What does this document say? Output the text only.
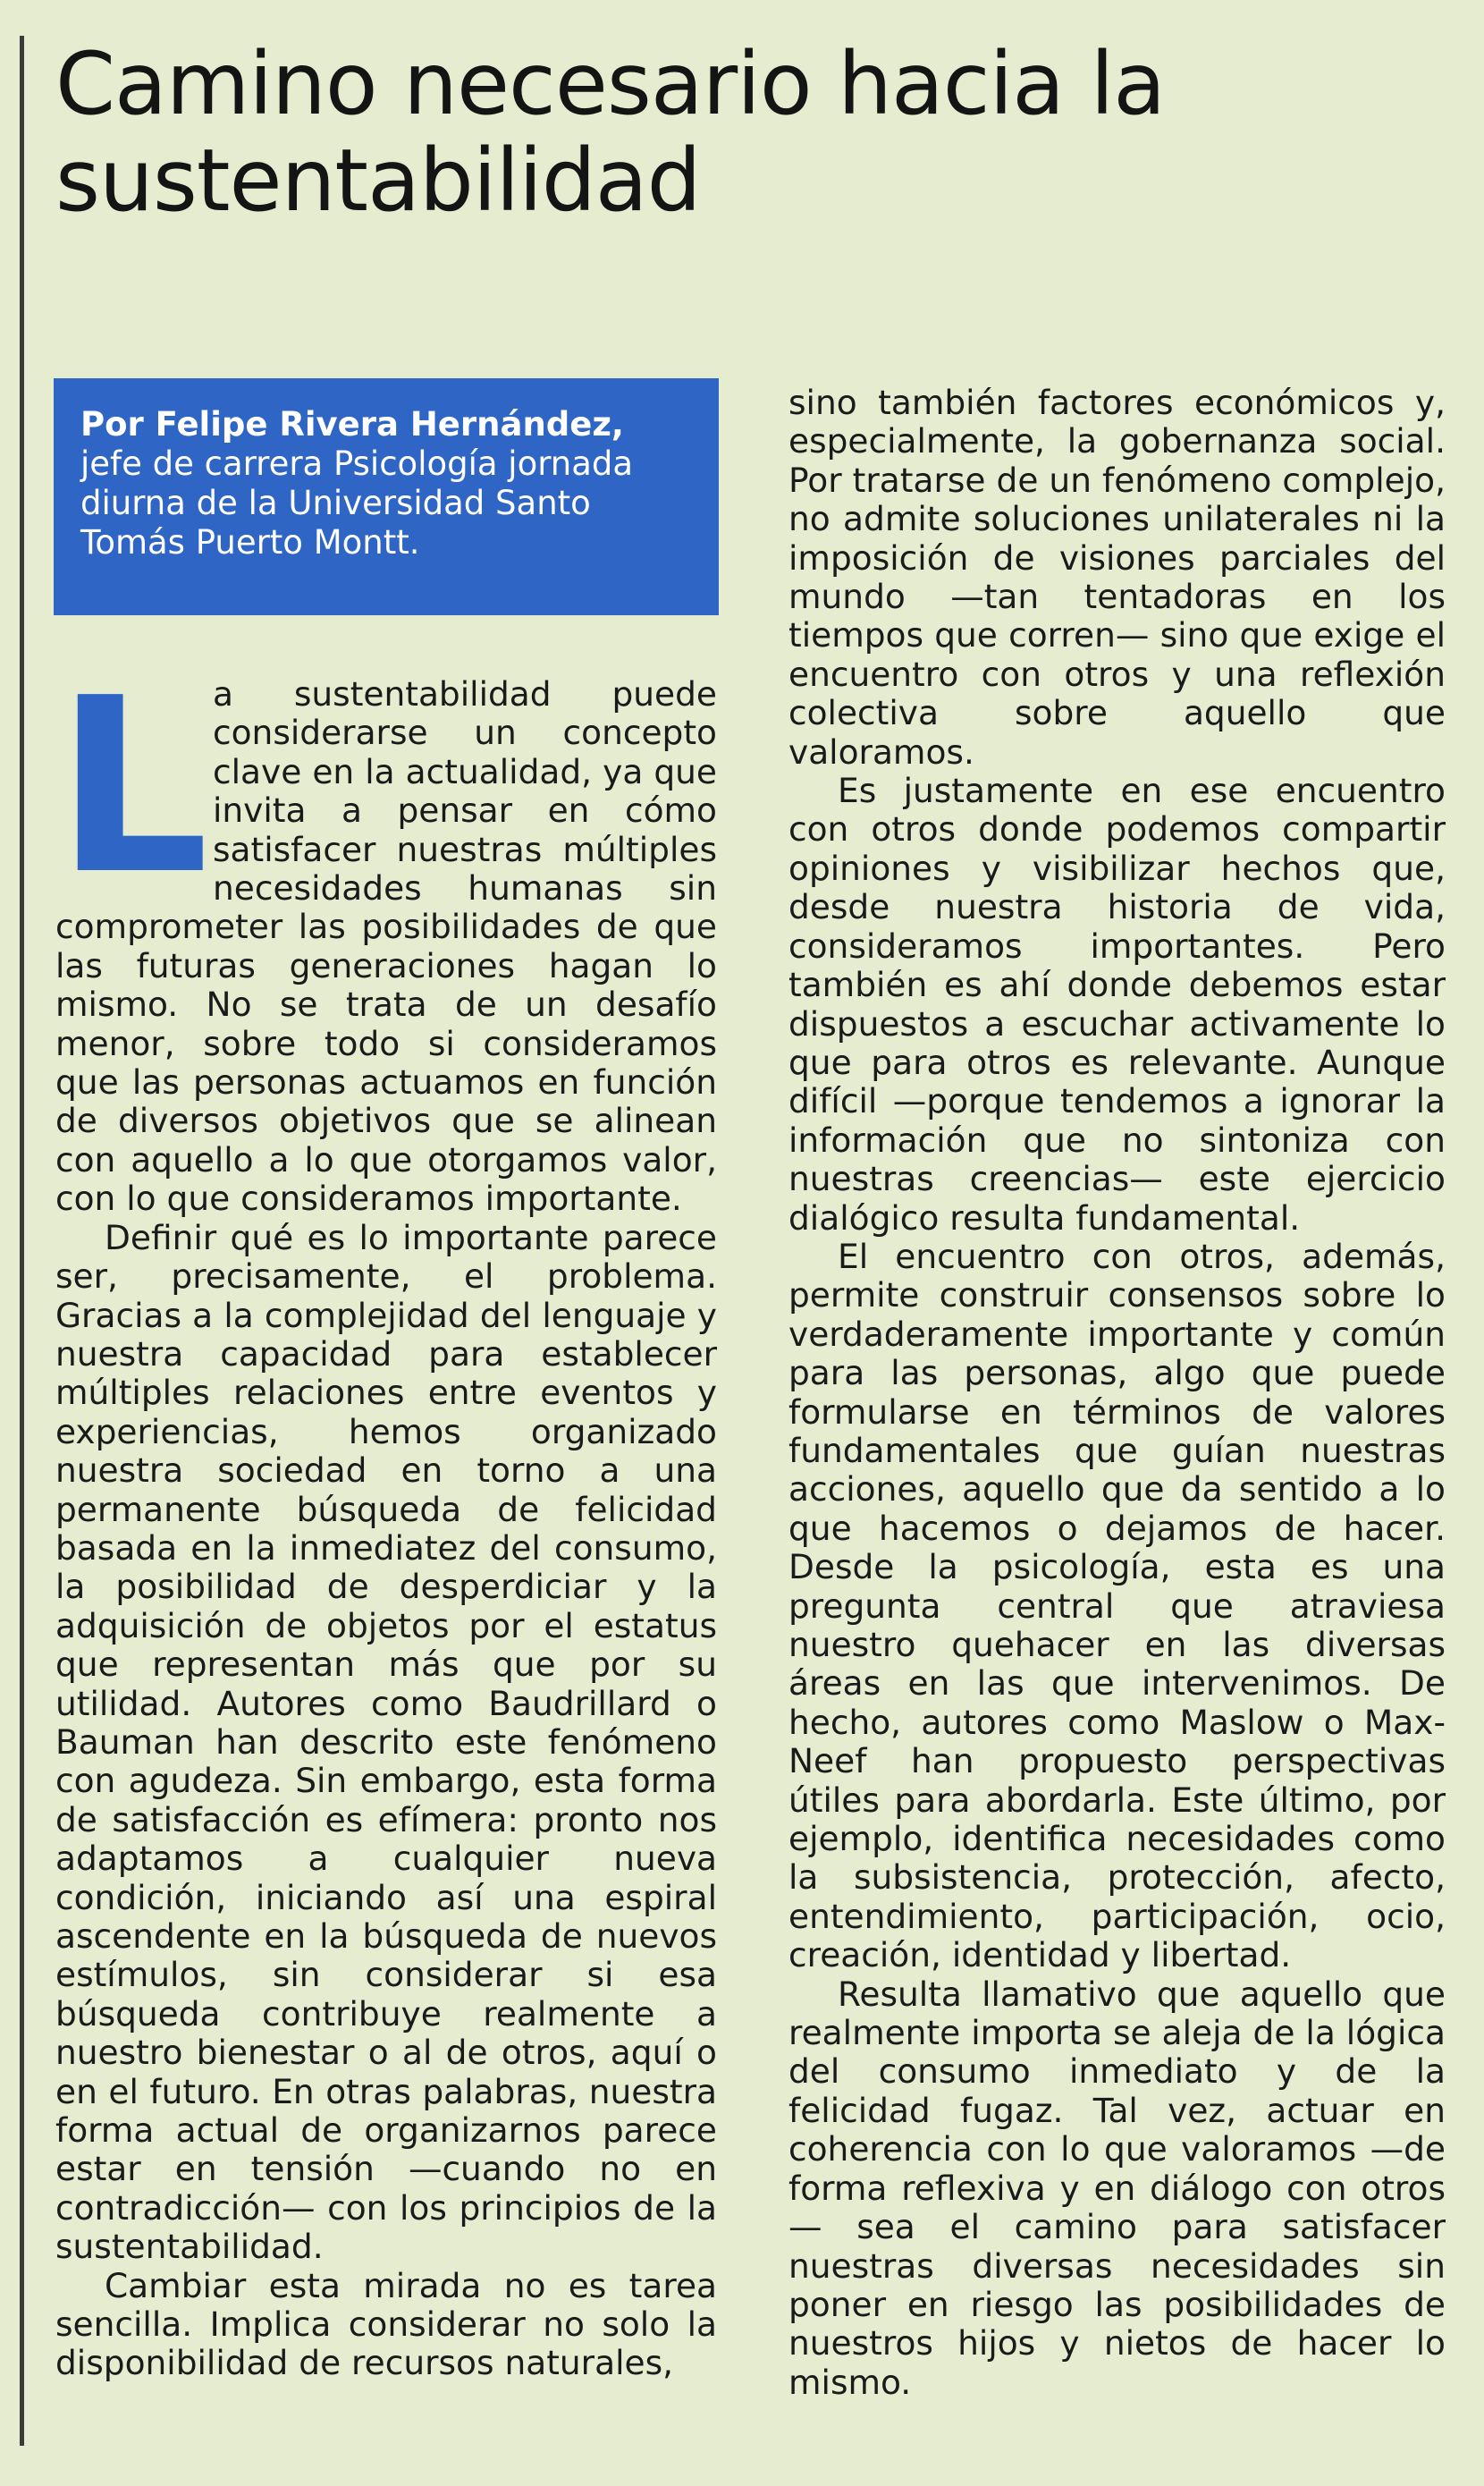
Camino necesario hacia la sustentabilidad
Por Felipe Rivera Hernández,
jefe de carrera Psicología jornada diurna de la Universidad Santo Tomás Puerto Montt.

La sustentabilidad puede considerarse un concepto clave en la actualidad, ya que invita a pensar en cómo satisfacer nuestras múltiples necesidades humanas sin comprometer las posibilidades de que las futuras generaciones hagan lo mismo. No se trata de un desafío menor, sobre todo si consideramos que las personas actuamos en función de diversos objetivos que se alinean con aquello a lo que otorgamos valor, con lo que consideramos importante.

Definir qué es lo importante parece ser, precisamente, el problema. Gracias a la complejidad del lenguaje y nuestra capacidad para establecer múltiples relaciones entre eventos y experiencias, hemos organizado nuestra sociedad en torno a una permanente búsqueda de felicidad basada en la inmediatez del consumo, la posibilidad de desperdiciar y la adquisición de objetos por el estatus que representan más que por su utilidad. Autores como Baudrillard o Bauman han descrito este fenómeno con agudeza. Sin embargo, esta forma de satisfacción es efímera: pronto nos adaptamos a cualquier nueva condición, iniciando así una espiral ascendente en la búsqueda de nuevos estímulos, sin considerar si esa búsqueda contribuye realmente a nuestro bienestar o al de otros, aquí o en el futuro. En otras palabras, nuestra forma actual de organizarnos parece estar en tensión —cuando no en contradicción— con los principios de la sustentabilidad.

Cambiar esta mirada no es tarea sencilla. Implica considerar no solo la disponibilidad de recursos naturales,

sino también factores económicos y, especialmente, la gobernanza social. Por tratarse de un fenómeno complejo, no admite soluciones unilaterales ni la imposición de visiones parciales del mundo —tan tentadoras en los tiempos que corren— sino que exige el encuentro con otros y una reflexión colectiva sobre aquello que valoramos.

Es justamente en ese encuentro con otros donde podemos compartir opiniones y visibilizar hechos que, desde nuestra historia de vida, consideramos importantes. Pero también es ahí donde debemos estar dispuestos a escuchar activamente lo que para otros es relevante. Aunque difícil —porque tendemos a ignorar la información que no sintoniza con nuestras creencias— este ejercicio dialógico resulta fundamental.

El encuentro con otros, además, permite construir consensos sobre lo verdaderamente importante y común para las personas, algo que puede formularse en términos de valores fundamentales que guían nuestras acciones, aquello que da sentido a lo que hacemos o dejamos de hacer. Desde la psicología, esta es una pregunta central que atraviesa nuestro quehacer en las diversas áreas en las que intervenimos. De hecho, autores como Maslow o Max-Neef han propuesto perspectivas útiles para abordarla. Este último, por ejemplo, identifica necesidades como la subsistencia, protección, afecto, entendimiento, participación, ocio, creación, identidad y libertad.

Resulta llamativo que aquello que realmente importa se aleja de la lógica del consumo inmediato y de la felicidad fugaz. Tal vez, actuar en coherencia con lo que valoramos —de forma reflexiva y en diálogo con otros— sea el camino para satisfacer nuestras diversas necesidades sin poner en riesgo las posibilidades de nuestros hijos y nietos de hacer lo mismo.
